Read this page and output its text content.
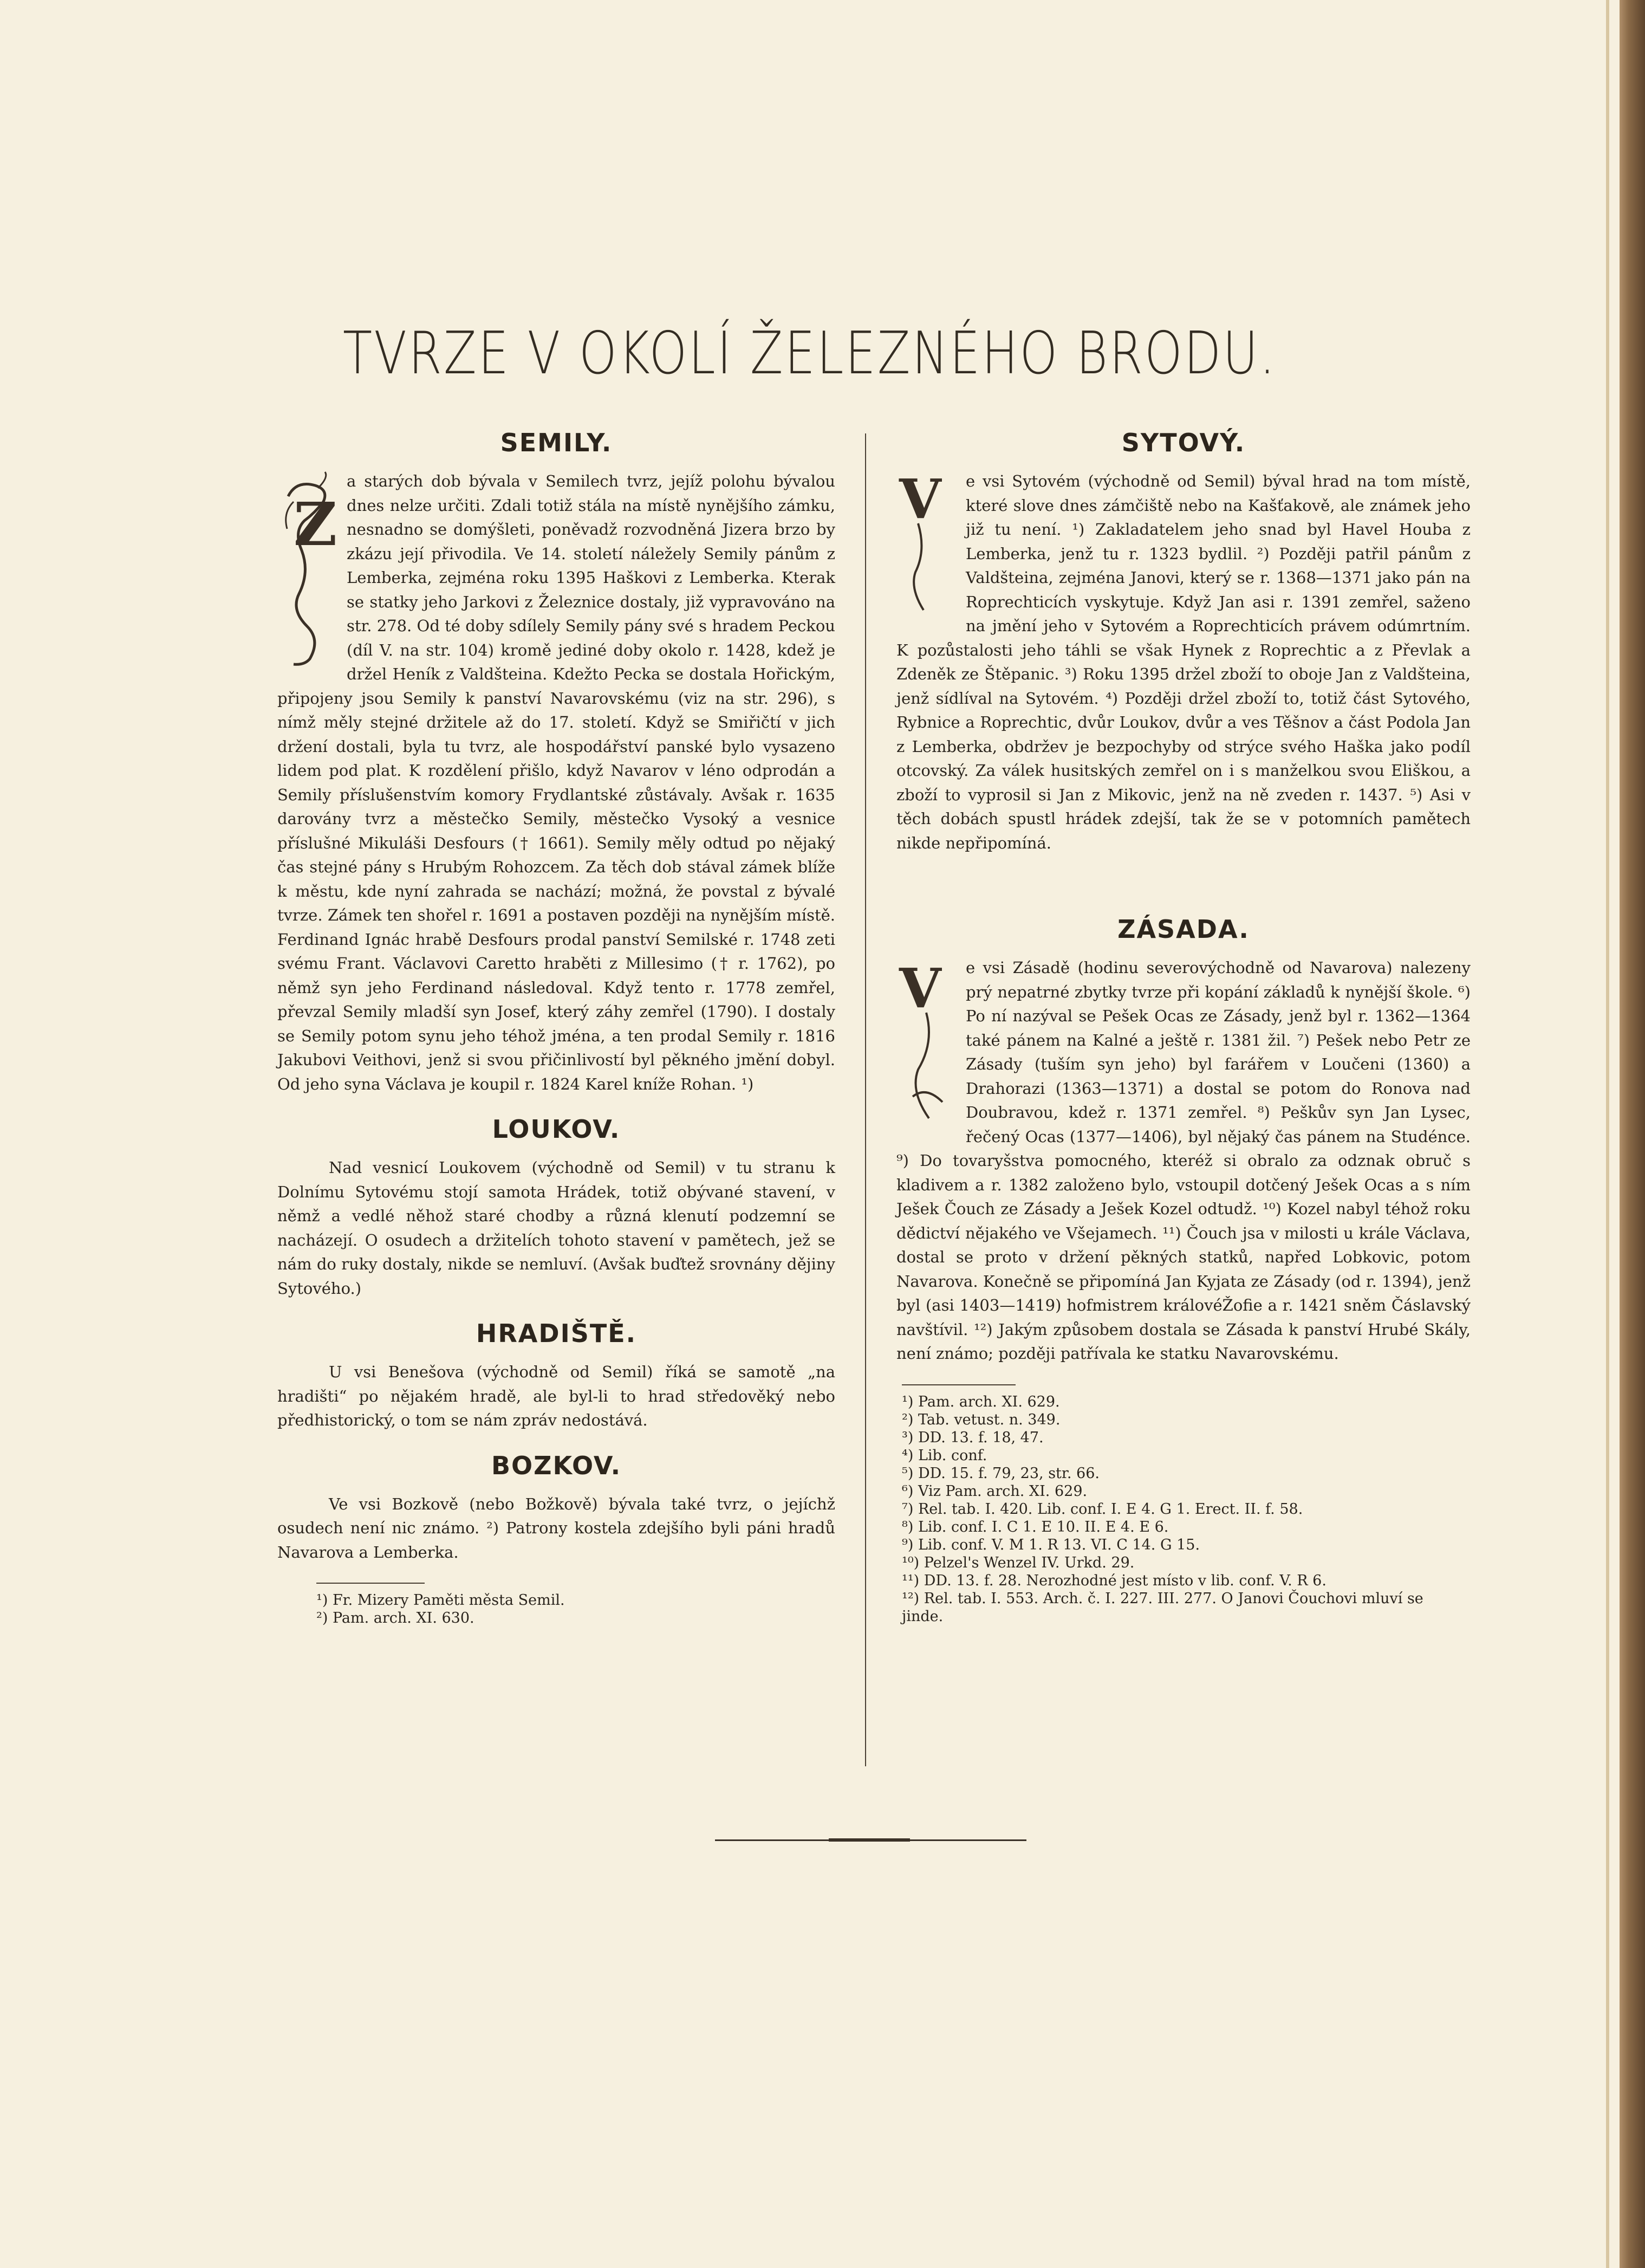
TVRZE V OKOLÍ ŽELEZNÉHO BRODU.
SEMILY.
Z

a starých dob bývala v Semilech tvrz, jejíž polohu bývalou dnes nelze určiti. Zdali totiž stála na místě nynějšího zámku, nesnadno se domýšleti, poněvadž rozvodněná Jizera brzo by zkázu její přivodila. Ve 14. století náležely Semily pánům z Lemberka, zejména roku 1395 Haškovi z Lemberka. Kterak se statky jeho Jarkovi z Železnice dostaly, již vypravováno na str. 278. Od té doby sdílely Semily pány své s hradem Peckou (díl V. na str. 104) kromě jediné doby okolo r. 1428, kdež je držel Heník z Valdšteina. Kdežto Pecka se dostala Hořickým, připojeny jsou Semily k panství Navarovskému (viz na str. 296), s nímž měly stejné držitele až do 17. století. Když se Smiřičtí v jich držení dostali, byla tu tvrz, ale hospodářství panské bylo vysazeno lidem pod plat. K rozdělení přišlo, když Navarov v léno odprodán a Semily příslušenstvím komory Frydlantské zůstávaly. Avšak r. 1635 darovány tvrz a městečko Semily, městečko Vysoký a vesnice příslušné Mikuláši Desfours († 1661). Semily měly odtud po nějaký čas stejné pány s Hrubým Rohozcem. Za těch dob stával zámek blíže k městu, kde nyní zahrada se nachází; možná, že povstal z bývalé tvrze. Zámek ten shořel r. 1691 a postaven později na nynějším místě. Ferdinand Ignác hrabě Desfours prodal panství Semilské r. 1748 zeti svému Frant. Václavovi Caretto hraběti z Millesimo († r. 1762), po němž syn jeho Ferdinand následoval. Když tento r. 1778 zemřel, převzal Semily mladší syn Josef, který záhy zemřel (1790). I dostaly se Semily potom synu jeho téhož jména, a ten prodal Semily r. 1816 Jakubovi Veithovi, jenž si svou přičinlivostí byl pěkného jmění dobyl. Od jeho syna Václava je koupil r. 1824 Karel kníže Rohan. ¹)

LOUKOV.

Nad vesnicí Loukovem (východně od Semil) v tu stranu k Dolnímu Sytovému stojí samota Hrádek, totiž obývané stavení, v němž a vedlé něhož staré chodby a různá klenutí podzemní se nacházejí. O osudech a držitelích tohoto stavení v pamětech, jež se nám do ruky dostaly, nikde se nemluví. (Avšak buďtež srovnány dějiny Sytového.)

HRADIŠTĚ.

U vsi Benešova (východně od Semil) říká se samotě „na hradišti“ po nějakém hradě, ale byl-li to hrad středověký nebo předhistorický, o tom se nám zpráv nedostává.

BOZKOV.

Ve vsi Bozkově (nebo Božkově) bývala také tvrz, o jejíchž osudech není nic známo. ²) Patrony kostela zdejšího byli páni hradů Navarova a Lemberka.

¹) Fr. Mizery Paměti města Semil.
²) Pam. arch. XI. 630.
SYTOVÝ.
V	e vsi Sytovém (východně od Semil) býval hrad na tom místě, které slove dnes zámčiště nebo na Kašťakově, ale známek jeho již tu není. ¹) Zakladatelem jeho snad byl Havel Houba z Lemberka, jenž tu r. 1323 bydlil. ²) Později patřil pánům z Valdšteina, zejména Janovi, který se r. 1368—1371 jako pán na Roprechticích vyskytuje. Když Jan asi r. 1391 zemřel, saženo na jmění jeho v Sytovém a Roprechticích právem odúmrtním. K pozůstalosti jeho táhli se však Hynek z Roprechtic a z Převlak a Zdeněk ze Štěpanic. ³) Roku 1395 držel zboží to oboje Jan z Valdšteina, jenž sídlíval na Sytovém. ⁴) Později držel zboží to, totiž část Sytového, Rybnice a Roprechtic, dvůr Loukov, dvůr a ves Těšnov a část Podola Jan z Lemberka, obdržev je bezpochyby od strýce svého Haška jako podíl otcovský. Za válek husitských zemřel on i s manželkou svou Eliškou, a zboží to vyprosil si Jan z Mikovic, jenž na ně zveden r. 1437. ⁵) Asi v těch dobách spustl hrádek zdejší, tak že se v potomních pamětech nikde nepřipomíná.

ZÁSADA.
V	e vsi Zásadě (hodinu severovýchodně od Navarova) nalezeny prý nepatrné zbytky tvrze při kopání základů k nynější škole. ⁶) Po ní nazýval se Pešek Ocas ze Zásady, jenž byl r. 1362—1364 také pánem na Kalné a ještě r. 1381 žil. ⁷) Pešek nebo Petr ze Zásady (tuším syn jeho) byl farářem v Loučeni (1360) a Drahorazi (1363—1371) a dostal se potom do Ronova nad Doubravou, kdež r. 1371 zemřel. ⁸) Peškův syn Jan Lysec, řečený Ocas (1377—1406), byl nějaký čas pánem na Studénce. ⁹) Do tovaryšstva pomocného, kteréž si obralo za odznak obruč s kladivem a r. 1382 založeno bylo, vstoupil dotčený Ješek Ocas a s ním Ješek Čouch ze Zásady a Ješek Kozel odtudž. ¹⁰) Kozel nabyl téhož roku dědictví nějakého ve Všejamech. ¹¹) Čouch jsa v milosti u krále Václava, dostal se proto v držení pěkných statků, napřed Lobkovic, potom Navarova. Konečně se připomíná Jan Kyjata ze Zásady (od r. 1394), jenž byl (asi 1403—1419) hofmistrem královéŽofie a r. 1421 sněm Čáslavský navštívil. ¹²) Jakým způsobem dostala se Zásada k panství Hrubé Skály, není známo; později patřívala ke statku Navarovskému.

¹) Pam. arch. XI. 629.
²) Tab. vetust. n. 349.
³) DD. 13. f. 18, 47.
⁴) Lib. conf.
⁵) DD. 15. f. 79, 23, str. 66.
⁶) Viz Pam. arch. XI. 629.
⁷) Rel. tab. I. 420. Lib. conf. I. E 4. G 1. Erect. II. f. 58.
⁸) Lib. conf. I. C 1. E 10. II. E 4. E 6.
⁹) Lib. conf. V. M 1. R 13. VI. C 14. G 15.
¹⁰) Pelzel's Wenzel IV. Urkd. 29.
¹¹) DD. 13. f. 28. Nerozhodné jest místo v lib. conf. V. R 6.
¹²) Rel. tab. I. 553. Arch. č. I. 227. III. 277. O Janovi Čouchovi mluví se jinde.
